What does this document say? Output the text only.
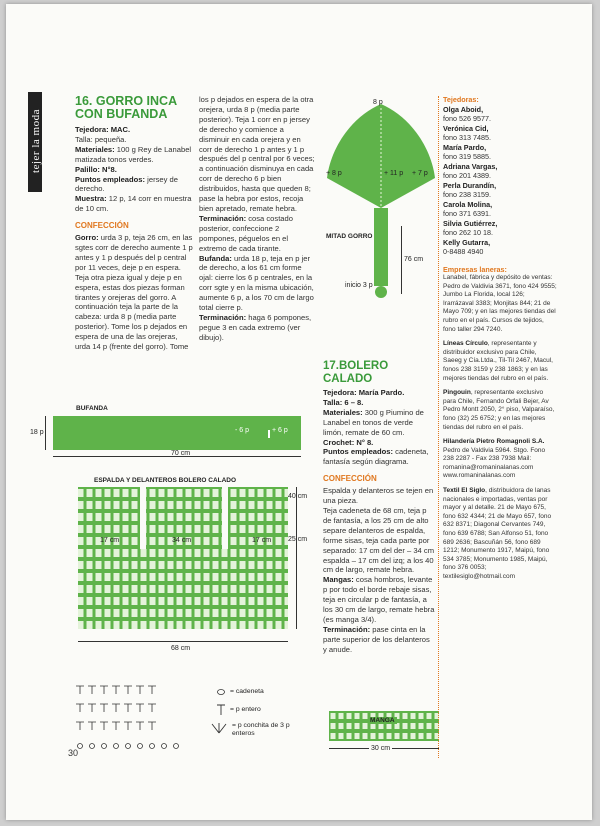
tejer la moda
16. GORRO INCA CON BUFANDA

Tejedora: MAC.

Talla: pequeña.

Materiales: 100 g Rey de Lanabel matizada tonos verdes.

Palillo: N°8.

Puntos empleados: jersey de derecho.

Muestra: 12 p, 14 corr en muestra de 10 cm.

CONFECCIÓN

Gorro: urda 3 p, teja 26 cm, en las sgtes corr de derecho aumente 1 p antes y 1 p después del p central por 11 veces, deje p en espera. Teja otra pieza igual y deje p en espera, estas dos piezas forman tirantes y orejeras del gorro. A continuación teja la parte de la cabeza: urda 8 p (media parte posterior). Tome los p dejados en espera de una de las orejeras, urda 14 p (frente del gorro). Tome

los p dejados en espera de la otra orejera, urda 8 p (media parte posterior). Teja 1 corr en p jersey de derecho y comience a disminuir en cada orejera y en corr de derecho 1 p antes y 1 p después del p central por 6 veces; a continuación disminuya en cada corr de derecho 6 p bien distribuidos, hasta que queden 8; pase la hebra por estos, recoja bien apretado, remate hebra.

Terminación: cosa costado posterior, confeccione 2 pompones, péguelos en el extremo de cada tirante.

Bufanda: urda 18 p, teja en p jer de derecho, a los 61 cm forme ojal: cierre los 6 p centrales, en la corr sgte y en la misma ubicación, aumente 6 p, a los 70 cm de largo total cierre p.

Terminación: haga 6 pompones, pegue 3 en cada extremo (ver dibujo).

8 p
+ 8 p	+ 11 p + 7 p
MITAD GORRO
76 cm
inicio 3 p
17.BOLERO CALADO

Tejedora: María Pardo.

Talla: 6 – 8.

Materiales: 300 g Piumino de Lanabel en tonos de verde limón, remate de 60 cm.

Crochet: N° 8.

Puntos empleados: cadeneta, fantasía según diagrama.

CONFECCIÓN

Espalda y delanteros se tejen en una pieza.

Teja cadeneta de 68 cm, teja p de fantasía, a los 25 cm de alto separe delanteros de espalda, forme sisas, teja cada parte por separado: 17 cm del der – 34 cm espalda – 17 cm del izq; a los 40 cm de largo, remate hebra.

Mangas: cosa hombros, levante p por todo el borde rebaje sisas, teja en circular p de fantasía, a los 30 cm de largo, remate hebra (es manga 3/4).

Terminación: pase cinta en la parte superior de los delanteros y anude.

BUFANDA
- 6 p	+ 6 p
18 p
70 cm
ESPALDA Y DELANTEROS BOLERO CALADO
17 cm	34 cm	17 cm
40 cm
25 cm
68 cm
= cadeneta
= p entero
= p conchita de 3 p enteros
MANGA
30 cm
Tejedoras:
Olga Aboid,
fono 526 9577.
Verónica Cid,
fono 313 7485.
María Pardo,
fono 319 5885.
Adriana Vargas,
fono 201 4389.
Perla Durandín,
fono 238 3159.
Carola Molina,
fono 371 6391.
Silvia Gutiérrez,
fono 262 10 18.
Kelly Gutarra,
0-8488 4940
Empresas laneras:

Lanabel, fábrica y depósito de ventas: Pedro de Valdivia 3671, fono 424 9555; Jumbo La Florida, local 126; Irarrázaval 3383; Monjitas 844; 21 de Mayo 709; y en las mejores tiendas del rubro en el país. Cursos de tejidos, fono taller 294 7240.

Líneas Círculo, representante y distribuidor exclusivo para Chile, Saeeg y Cía.Ltda., Til-Til 2467, Macul, fonos 238 3159 y 238 1863; y en las mejores tiendas del rubro en el país.

Pingouin, representante exclusivo para Chile, Fernando Orfali Bejer, Av Pedro Montt 2050, 2° piso, Valparaíso, fono (32) 25 6752; y en las mejores tiendas del rubro en el país.

Hilandería Pietro Romagnoli S.A.

Pedro de Valdivia 5964. Stgo. Fono 238 2287 - Fax 238 7938 Mail: romanina@romaninalanas.com www.romaninalanas.com

Textil El Siglo, distribuidora de lanas nacionales e importadas, ventas por mayor y al detalle. 21 de Mayo 675, fono 632 4344; 21 de Mayo 657, fono 632 8371; Diagonal Cervantes 749, fono 639 6788; San Alfonso 51, fono 689 2636; Bascuñán 56, fono 689 1212; Monumento 1917, Maipú, fono 534 3785; Monumento 1985, Maipú, fono 376 0053; textilesiglo@hotmail.com

30
